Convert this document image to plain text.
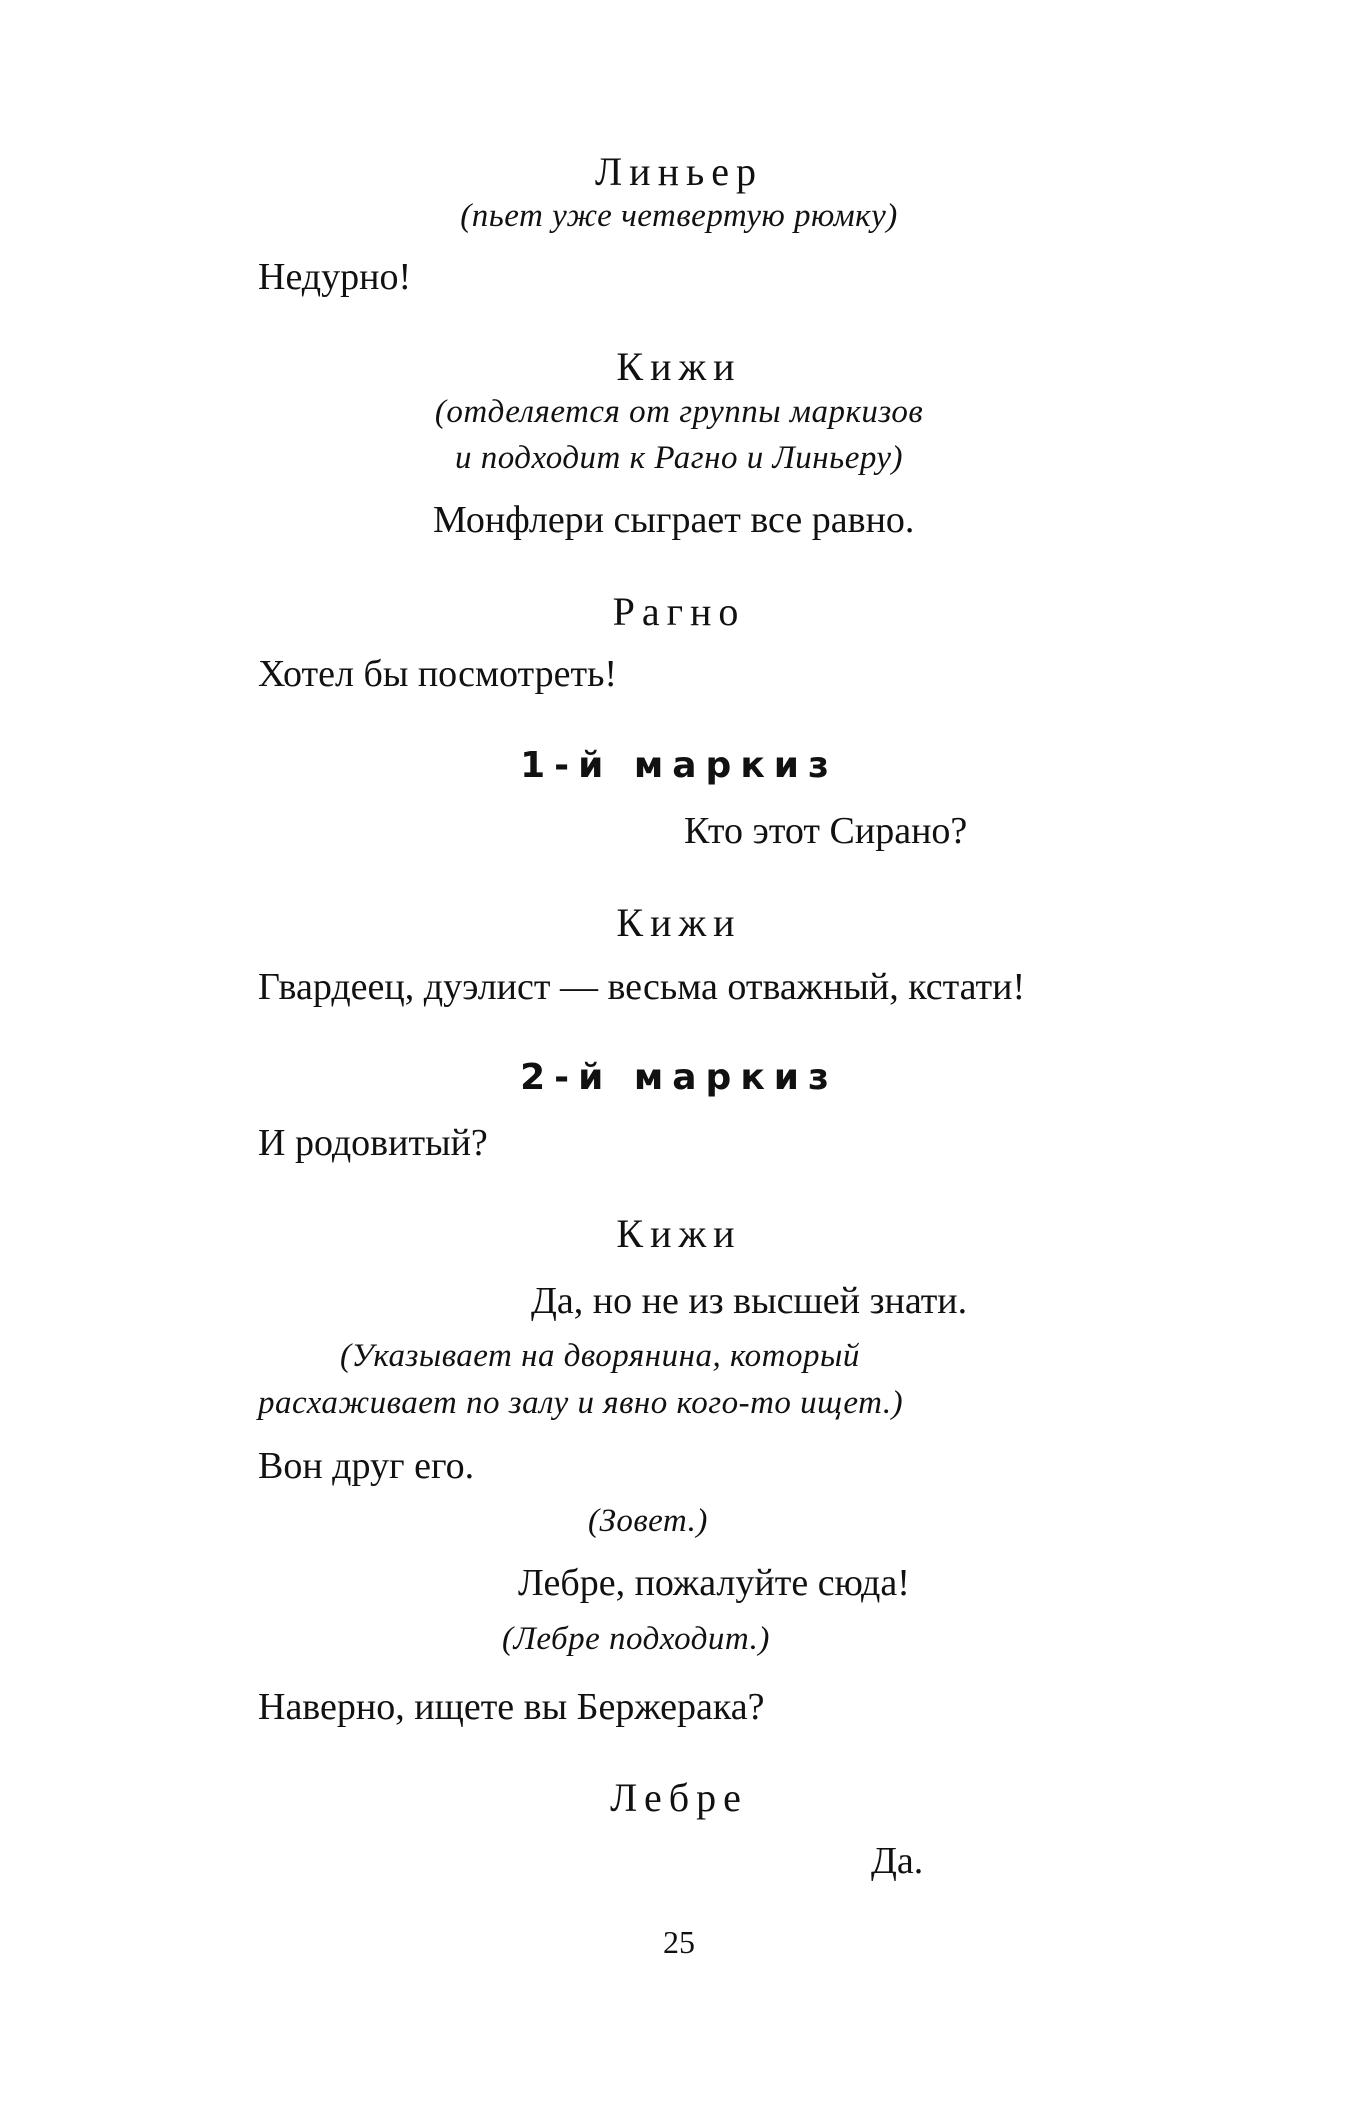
Линьер
(пьет уже четвертую рюмку)
Недурно!
Кижи
(отделяется от группы маркизов
и подходит к Рагно и Линьеру)
Монфлери сыграет все равно.
Рагно
Хотел бы посмотреть!
1-й маркиз
Кто этот Сирано?
Кижи
Гвардеец, дуэлист — весьма отважный, кстати!
2-й маркиз
И родовитый?
Кижи
Да, но не из высшей знати.
(Указывает на дворянина, который
расхаживает по залу и явно кого-то ищет.)
Вон друг его.
(Зовет.)
Лебре, пожалуйте сюда!
(Лебре подходит.)
Наверно, ищете вы Бержерака?
Лебре
Да.
25
